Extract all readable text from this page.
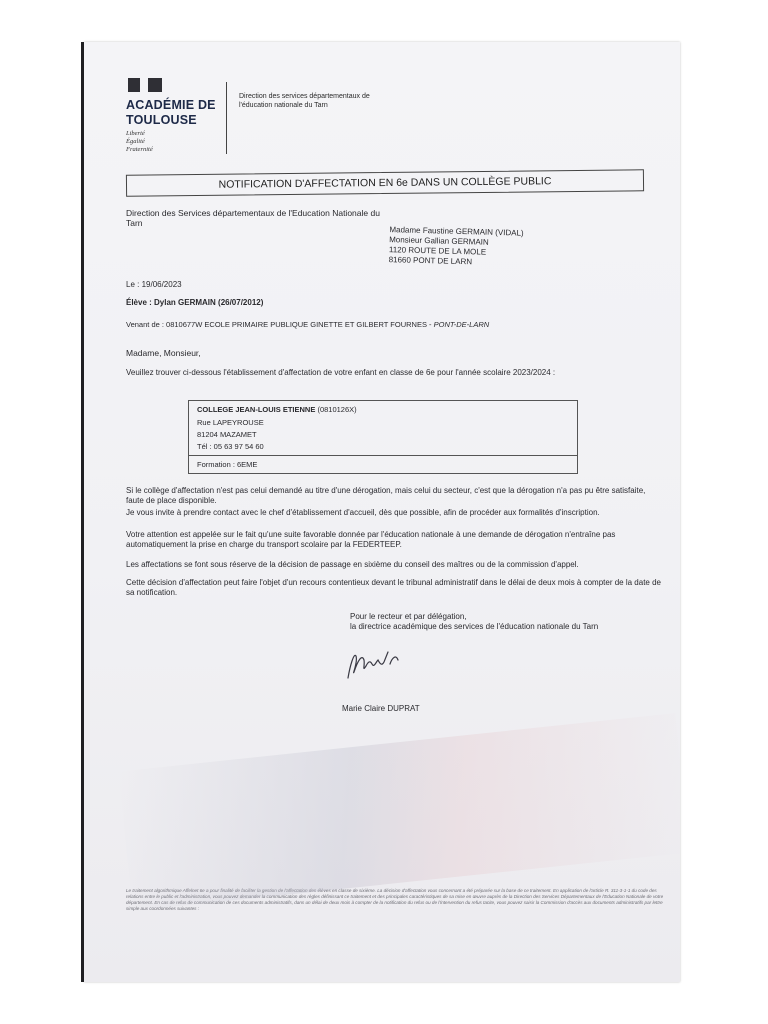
ACADÉMIE DE TOULOUSE
Liberté
Égalité
Fraternité
Direction des services départementaux de l'éducation nationale du Tarn
NOTIFICATION D'AFFECTATION EN 6e DANS UN COLLÈGE PUBLIC
Direction des Services départementaux de l'Education Nationale du Tarn
Madame Faustine GERMAIN (VIDAL)
Monsieur Gallian GERMAIN
1120 ROUTE DE LA MOLE
81660 PONT DE LARN
Le : 19/06/2023
Élève : Dylan GERMAIN (26/07/2012)
Venant de : 0810677W ECOLE PRIMAIRE PUBLIQUE GINETTE ET GILBERT FOURNES - PONT-DE-LARN
Madame, Monsieur,
Veuillez trouver ci-dessous l'établissement d'affectation de votre enfant en classe de 6e pour l'année scolaire 2023/2024 :
COLLEGE JEAN-LOUIS ETIENNE (0810126X)
Rue LAPEYROUSE
81204 MAZAMET
Tél : 05 63 97 54 60
Formation : 6EME
Si le collège d'affectation n'est pas celui demandé au titre d'une dérogation, mais celui du secteur, c'est que la dérogation n'a pas pu être satisfaite, faute de place disponible.
Je vous invite à prendre contact avec le chef d'établissement d'accueil, dès que possible, afin de procéder aux formalités d'inscription.
Votre attention est appelée sur le fait qu'une suite favorable donnée par l'éducation nationale à une demande de dérogation n'entraîne pas automatiquement la prise en charge du transport scolaire par la FEDERTEEP.
Les affectations se font sous réserve de la décision de passage en sixième du conseil des maîtres ou de la commission d'appel.
Cette décision d'affectation peut faire l'objet d'un recours contentieux devant le tribunal administratif dans le délai de deux mois à compter de la date de sa notification.
Pour le recteur et par délégation,
la directrice académique des services de l'éducation nationale du Tarn
Marie Claire DUPRAT
Le traitement algorithmique Affelnet 6e a pour finalité de faciliter la gestion de l'affectation des élèves en classe de sixième. La décision d'affectation vous concernant a été préparée sur la base de ce traitement. En application de l'article R. 311-3-1-1 du code des relations entre le public et l'administration, vous pouvez demander la communication des règles définissant ce traitement et des principales caractéristiques de sa mise en œuvre auprès de la Direction des Services Départementaux de l'Education Nationale de votre département. En cas de refus de communication de ces documents administratifs, dans un délai de deux mois à compter de la notification du refus ou de l'intervention du refus tacite, vous pouvez saisir la Commission d'accès aux documents administratifs par lettre simple aux coordonnées suivantes :
